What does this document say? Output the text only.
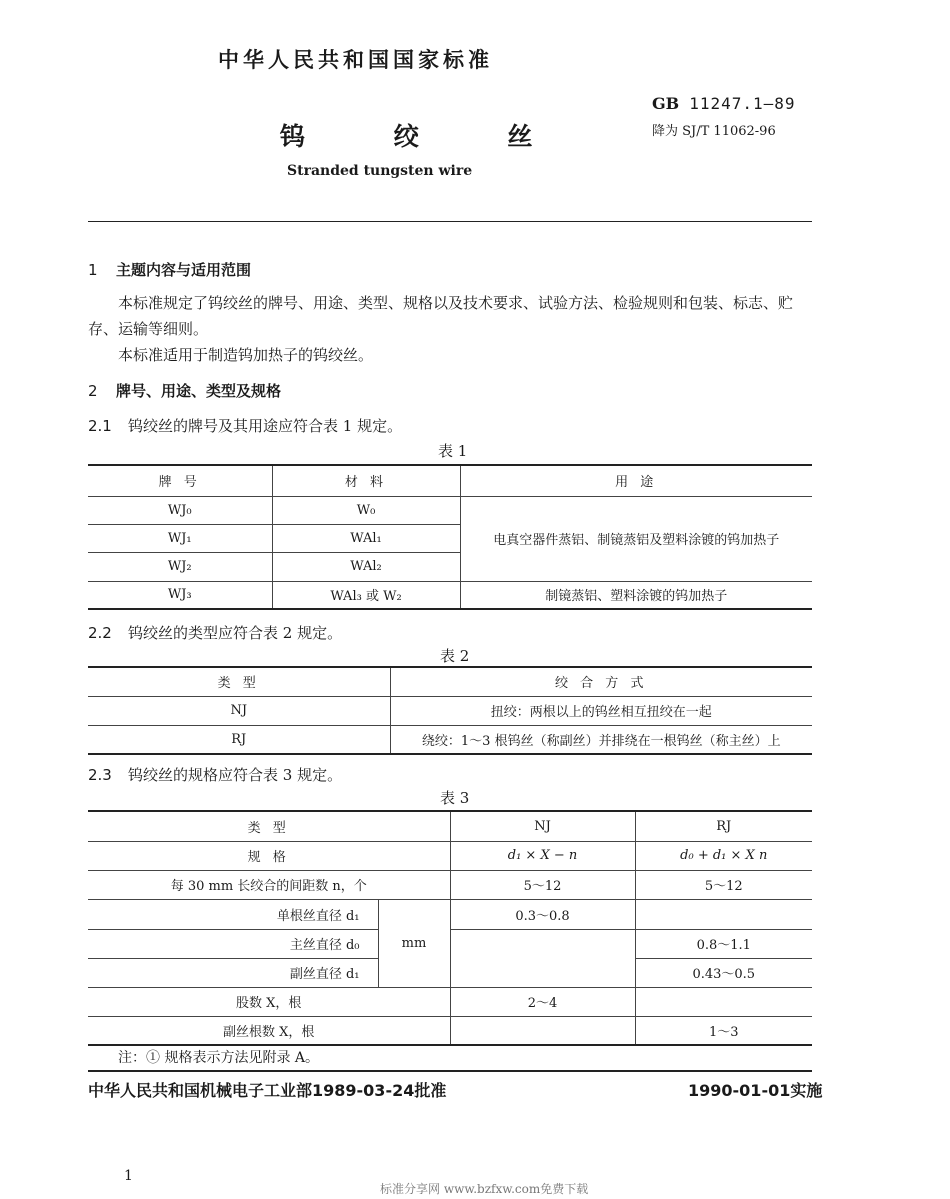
中华人民共和国国家标准
GB 11247.1—89
降为 SJ/T 11062-96
钨 绞 丝
Stranded tungsten wire
1 主题内容与适用范围
本标准规定了钨绞丝的牌号、用途、类型、规格以及技术要求、试验方法、检验规则和包装、标志、贮
存、运输等细则。
本标准适用于制造钨加热子的钨绞丝。
2 牌号、用途、类型及规格
2.1 钨绞丝的牌号及其用途应符合表 1 规定。
表 1
牌 号	材 料	用 途
WJ₀	W₀	电真空器件蒸铝、制镜蒸铝及塑料涂镀的钨加热子
WJ₁	WAl₁	
WJ₂	WAl₂	
WJ₃	WAl₃ 或 W₂	制镜蒸铝、塑料涂镀的钨加热子
2.2 钨绞丝的类型应符合表 2 规定。
表 2
类 型	绞 合 方 式
NJ	扭绞：两根以上的钨丝相互扭绞在一起
RJ	绕绞：1～3 根钨丝（称副丝）并排绕在一根钨丝（称主丝）上
2.3 钨绞丝的规格应符合表 3 规定。
表 3
类 型		NJ	RJ
规 格		d₁ × X − n	d₀ + d₁ × X n
每 30 mm 长绞合的间距数 n，个		5～12	5～12
单根丝直径 d₁	mm	0.3～0.8	
主丝直径 d₀			0.8～1.1
副丝直径 d₁			0.43～0.5
股数 X，根		2～4	
副丝根数 X，根			1～3
注：① 规格表示方法见附录 A。
中华人民共和国机械电子工业部1989-03-24批准	1990-01-01实施
1
标准分享网 www.bzfxw.com免费下载
